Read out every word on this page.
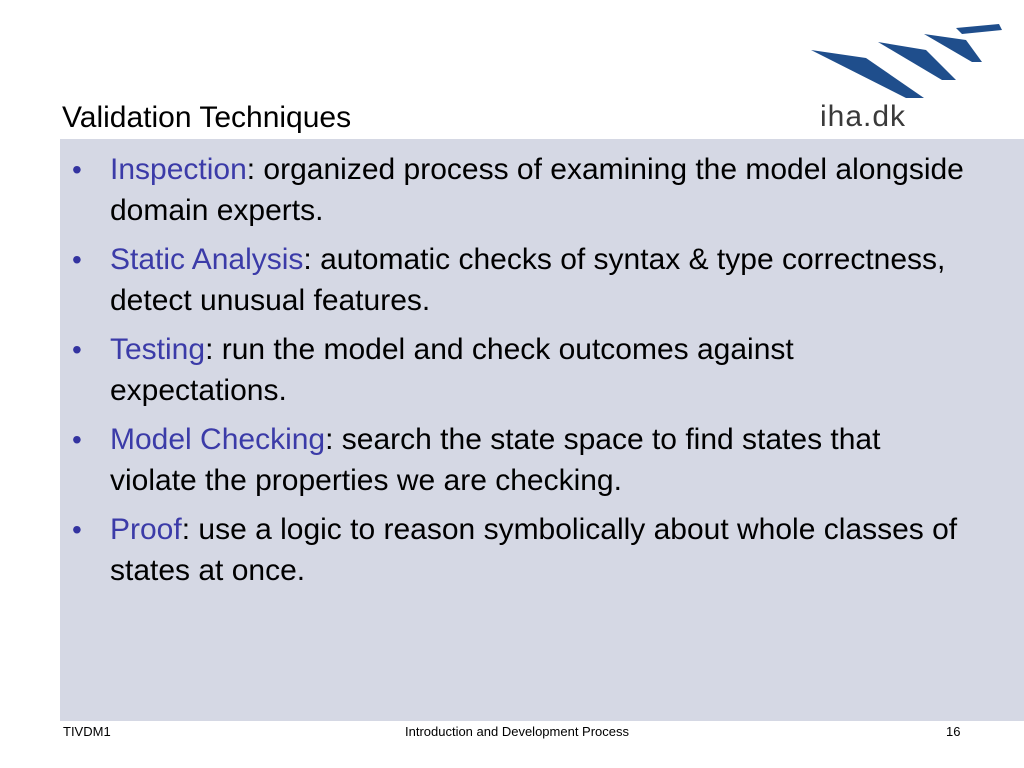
iha.dk
Validation Techniques
• Inspection: organized process of examining the model alongside domain experts.
• Static Analysis: automatic checks of syntax & type correctness, detect unusual features.
• Testing: run the model and check outcomes against expectations.
• Model Checking: search the state space to find states that violate the properties we are checking.
• Proof: use a logic to reason symbolically about whole classes of states at once.
TIVDM1	Introduction and Development Process	16
